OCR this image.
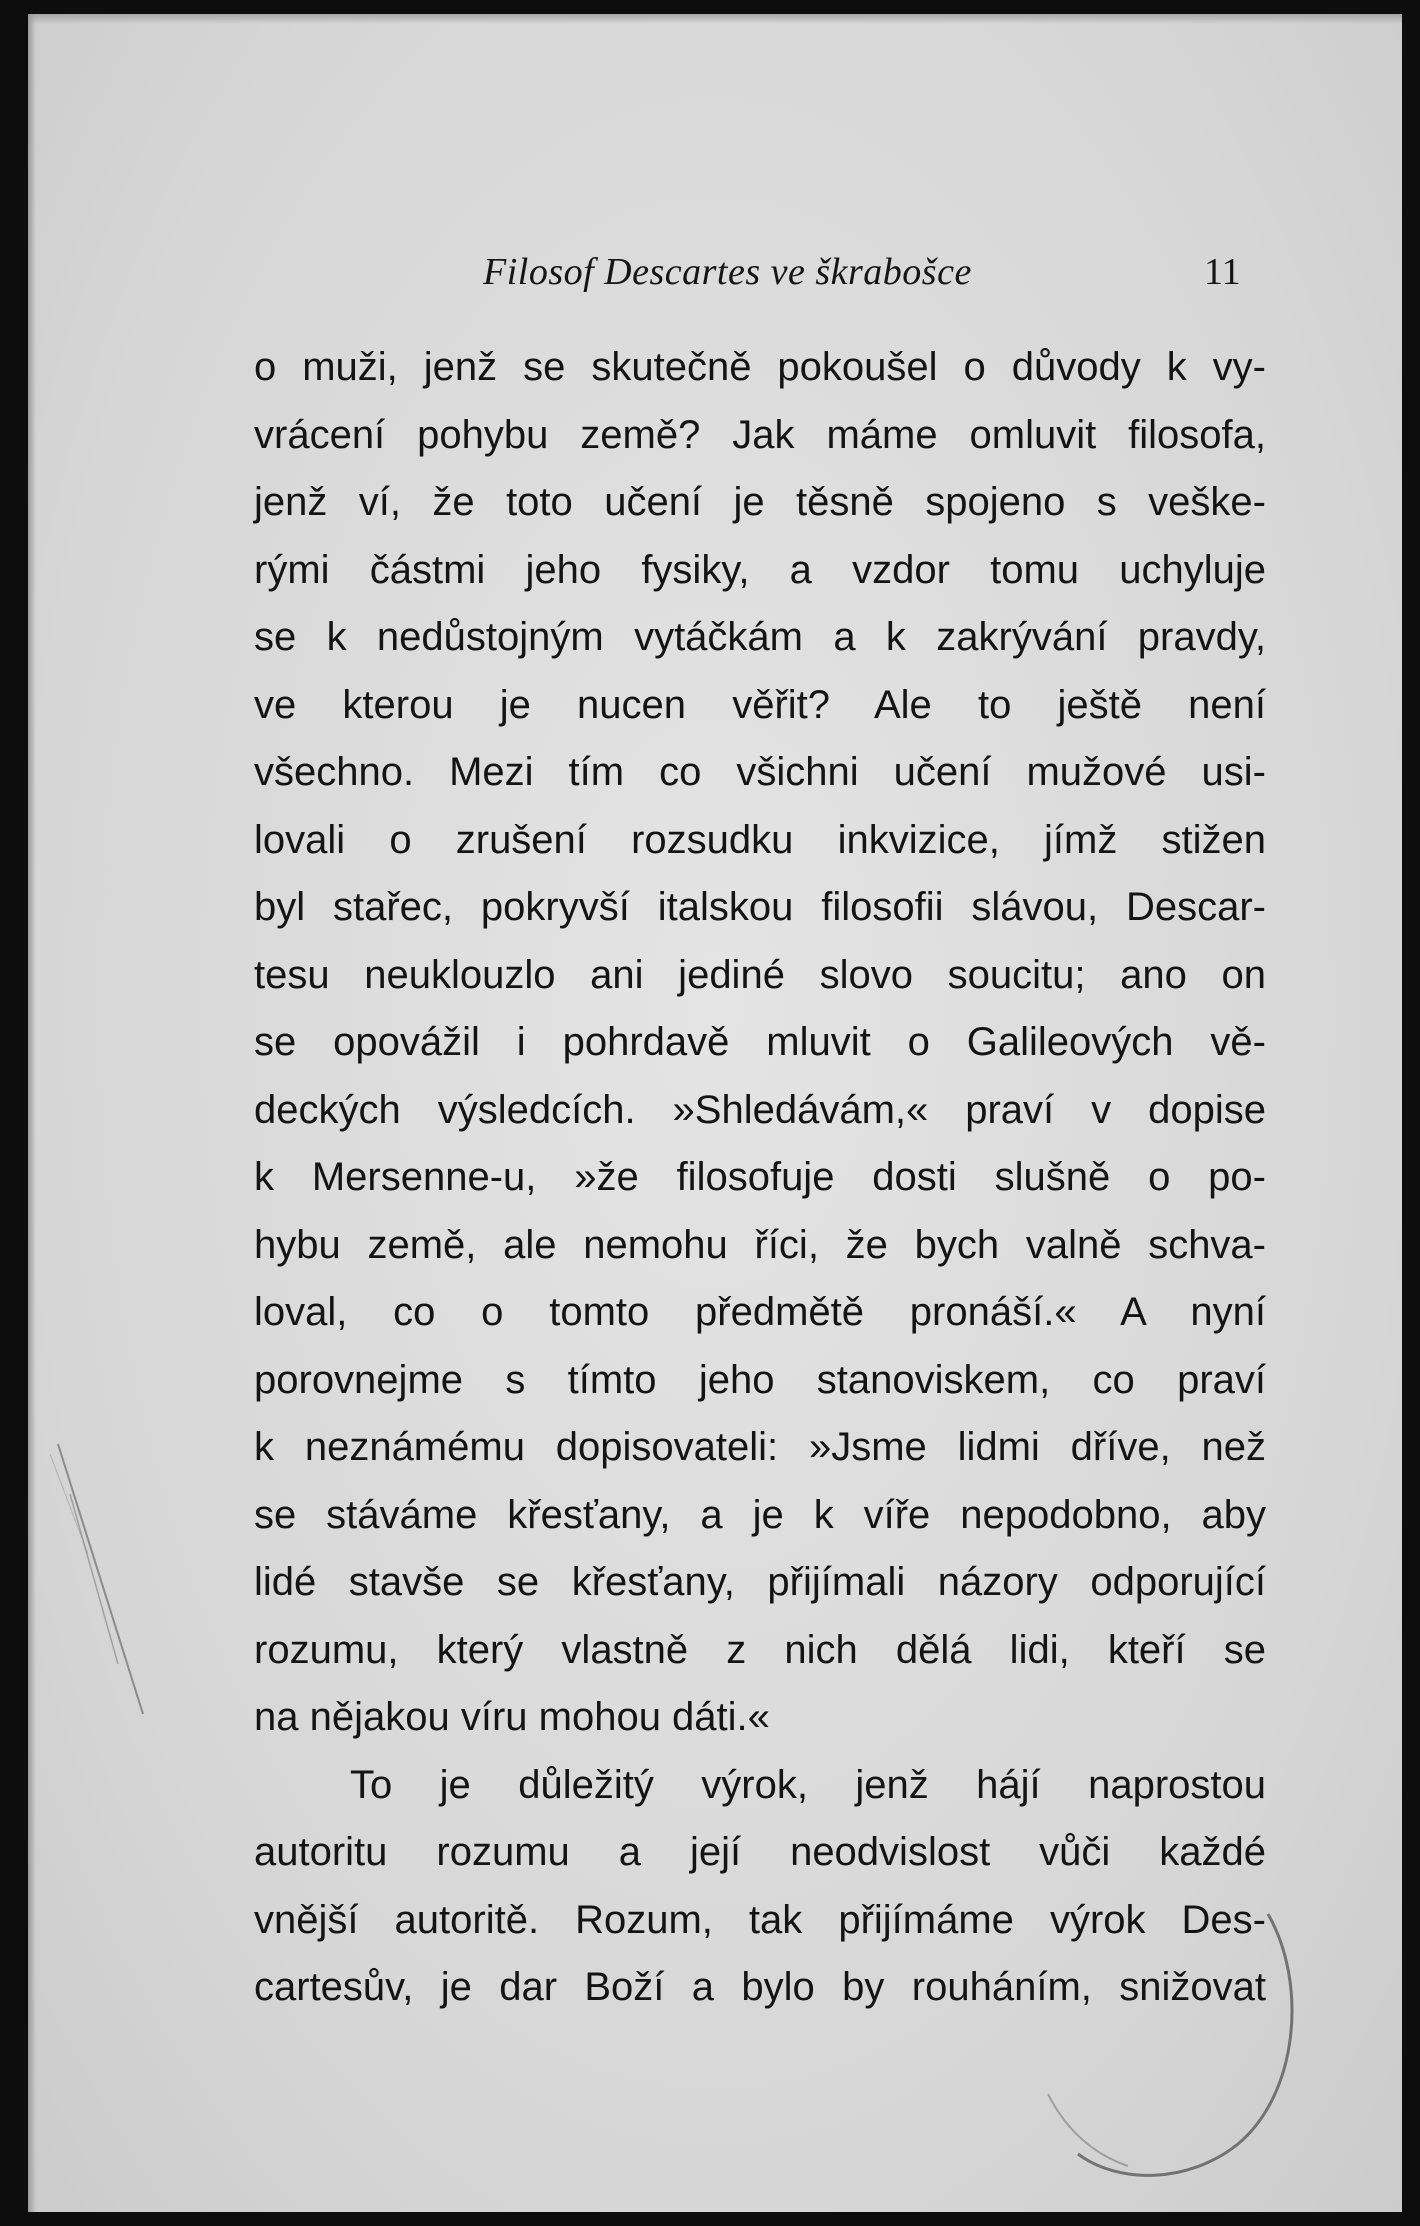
Filosof Descartes ve škrabošce	11
o muži, jenž se skutečně pokoušel o důvody k vy-
vrácení pohybu země? Jak máme omluvit filosofa,
jenž ví, že toto učení je těsně spojeno s veške-
rými částmi jeho fysiky, a vzdor tomu uchyluje
se k nedůstojným vytáčkám a k zakrývání pravdy,
ve kterou je nucen věřit? Ale to ještě není
všechno. Mezi tím co všichni učení mužové usi-
lovali o zrušení rozsudku inkvizice, jímž stižen
byl stařec, pokryvší italskou filosofii slávou, Descar-
tesu neuklouzlo ani jediné slovo soucitu; ano on
se opovážil i pohrdavě mluvit o Galileových vě-
deckých výsledcích. »Shledávám,« praví v dopise
k Mersenne-u, »že filosofuje dosti slušně o po-
hybu země, ale nemohu říci, že bych valně schva-
loval, co o tomto předmětě pronáší.« A nyní
porovnejme s tímto jeho stanoviskem, co praví
k neznámému dopisovateli: »Jsme lidmi dříve, než
se stáváme křesťany, a je k víře nepodobno, aby
lidé stavše se křesťany, přijímali názory odporující
rozumu, který vlastně z nich dělá lidi, kteří se
na nějakou víru mohou dáti.«
To je důležitý výrok, jenž hájí naprostou
autoritu rozumu a její neodvislost vůči každé
vnější autoritě. Rozum, tak přijímáme výrok Des-
cartesův, je dar Boží a bylo by rouháním, snižovat
